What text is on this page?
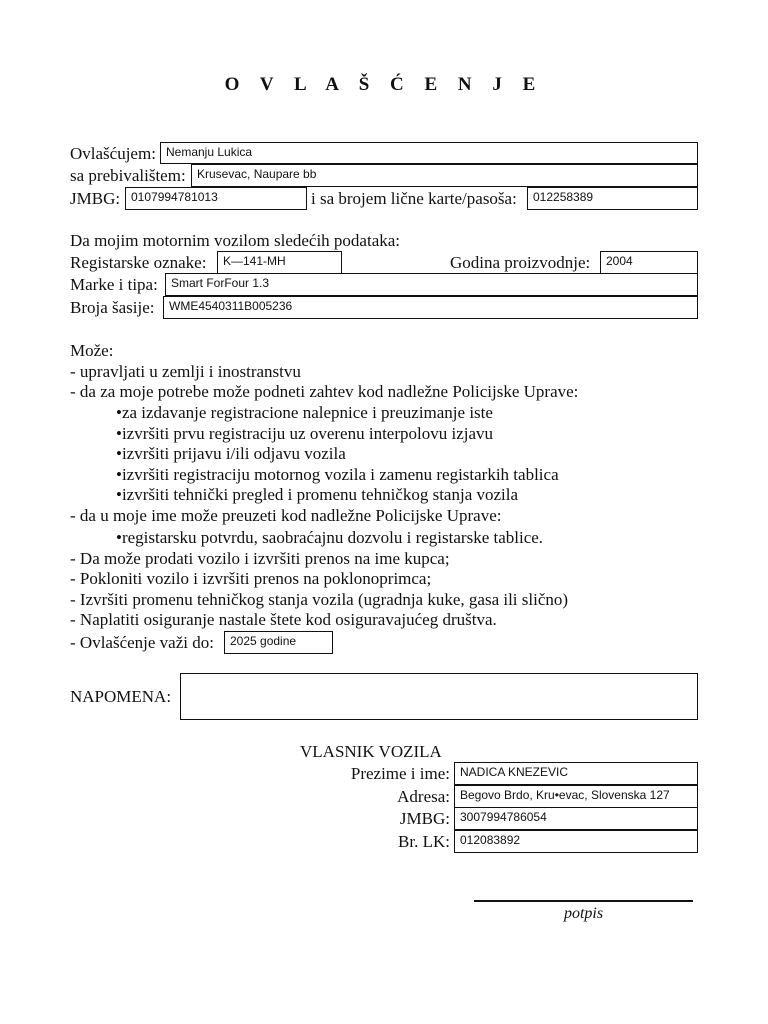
O V L A Š Ć E N J E
Ovlašćujem: Nemanju Lukica
sa prebivalištem: Krusevac, Naupare bb
JMBG: 0107994781013	i sa brojem lične karte/pasoša:	012258389
Da mojim motornim vozilom sledećih podataka:
Registarske oznake:	K—141-MH	Godina proizvodnje:	2004
Marke i tipa:	Smart ForFour 1.3
Broja šasije:	WME4540311B005236
Može:
- upravljati u zemlji i inostranstvu
- da za moje potrebe može podneti zahtev kod nadležne Policijske Uprave:
•za izdavanje registracione nalepnice i preuzimanje iste
•izvršiti prvu registraciju uz overenu interpolovu izjavu
•izvršiti prijavu i/ili odjavu vozila
•izvršiti registraciju motornog vozila i zamenu registarkih tablica
•izvršiti tehnički pregled i promenu tehničkog stanja vozila
- da u moje ime može preuzeti kod nadležne Policijske Uprave:
•registarsku potvrdu, saobraćajnu dozvolu i registarske tablice.
- Da može prodati vozilo i izvršiti prenos na ime kupca;
- Pokloniti vozilo i izvršiti prenos na poklonoprimca;
- Izvršiti promenu tehničkog stanja vozila (ugradnja kuke, gasa ili slično)
- Naplatiti osiguranje nastale štete kod osiguravajućeg društva.
- Ovlašćenje važi do:	2025 godine
NAPOMENA:
VLASNIK VOZILA
Prezime i ime: NADICA KNEZEVIC
Adresa: Begovo Brdo, Kru•evac, Slovenska 127
JMBG: 3007994786054
Br. LK: 012083892
potpis
